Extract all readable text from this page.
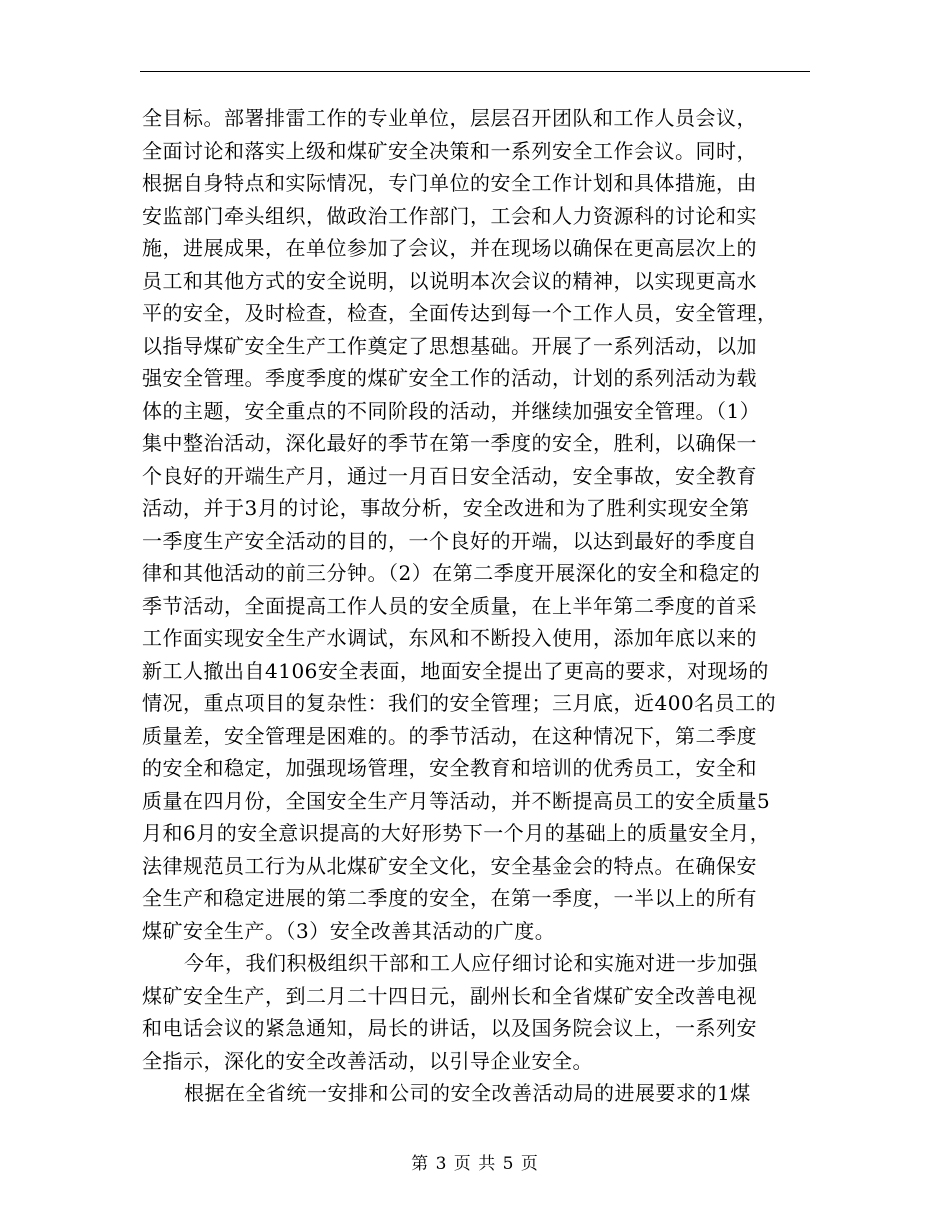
全目标。部署排雷工作的专业单位，层层召开团队和工作人员会议，
全面讨论和落实上级和煤矿安全决策和一系列安全工作会议。同时，
根据自身特点和实际情况，专门单位的安全工作计划和具体措施，由
安监部门牵头组织，做政治工作部门，工会和人力资源科的讨论和实
施，进展成果，在单位参加了会议，并在现场以确保在更高层次上的
员工和其他方式的安全说明，以说明本次会议的精神，以实现更高水
平的安全，及时检查，检查，全面传达到每一个工作人员，安全管理，
以指导煤矿安全生产工作奠定了思想基础。开展了一系列活动，以加
强安全管理。季度季度的煤矿安全工作的活动，计划的系列活动为载
体的主题，安全重点的不同阶段的活动，并继续加强安全管理。（1）
集中整治活动，深化最好的季节在第一季度的安全，胜利，以确保一
个良好的开端生产月，通过一月百日安全活动，安全事故，安全教育
活动，并于3月的讨论，事故分析，安全改进和为了胜利实现安全第
一季度生产安全活动的目的，一个良好的开端，以达到最好的季度自
律和其他活动的前三分钟。（2）在第二季度开展深化的安全和稳定的
季节活动，全面提高工作人员的安全质量，在上半年第二季度的首采
工作面实现安全生产水调试，东风和不断投入使用，添加年底以来的
新工人撤出自4106安全表面，地面安全提出了更高的要求，对现场的
情况，重点项目的复杂性：我们的安全管理；三月底，近400名员工的
质量差，安全管理是困难的。的季节活动，在这种情况下，第二季度
的安全和稳定，加强现场管理，安全教育和培训的优秀员工，安全和
质量在四月份，全国安全生产月等活动，并不断提高员工的安全质量5
月和6月的安全意识提高的大好形势下一个月的基础上的质量安全月，
法律规范员工行为从北煤矿安全文化，安全基金会的特点。在确保安
全生产和稳定进展的第二季度的安全，在第一季度，一半以上的所有
煤矿安全生产。（3）安全改善其活动的广度。
今年，我们积极组织干部和工人应仔细讨论和实施对进一步加强
煤矿安全生产，到二月二十四日元，副州长和全省煤矿安全改善电视
和电话会议的紧急通知，局长的讲话，以及国务院会议上，一系列安
全指示，深化的安全改善活动，以引导企业安全。
根据在全省统一安排和公司的安全改善活动局的进展要求的1煤
第 3 页 共 5 页
